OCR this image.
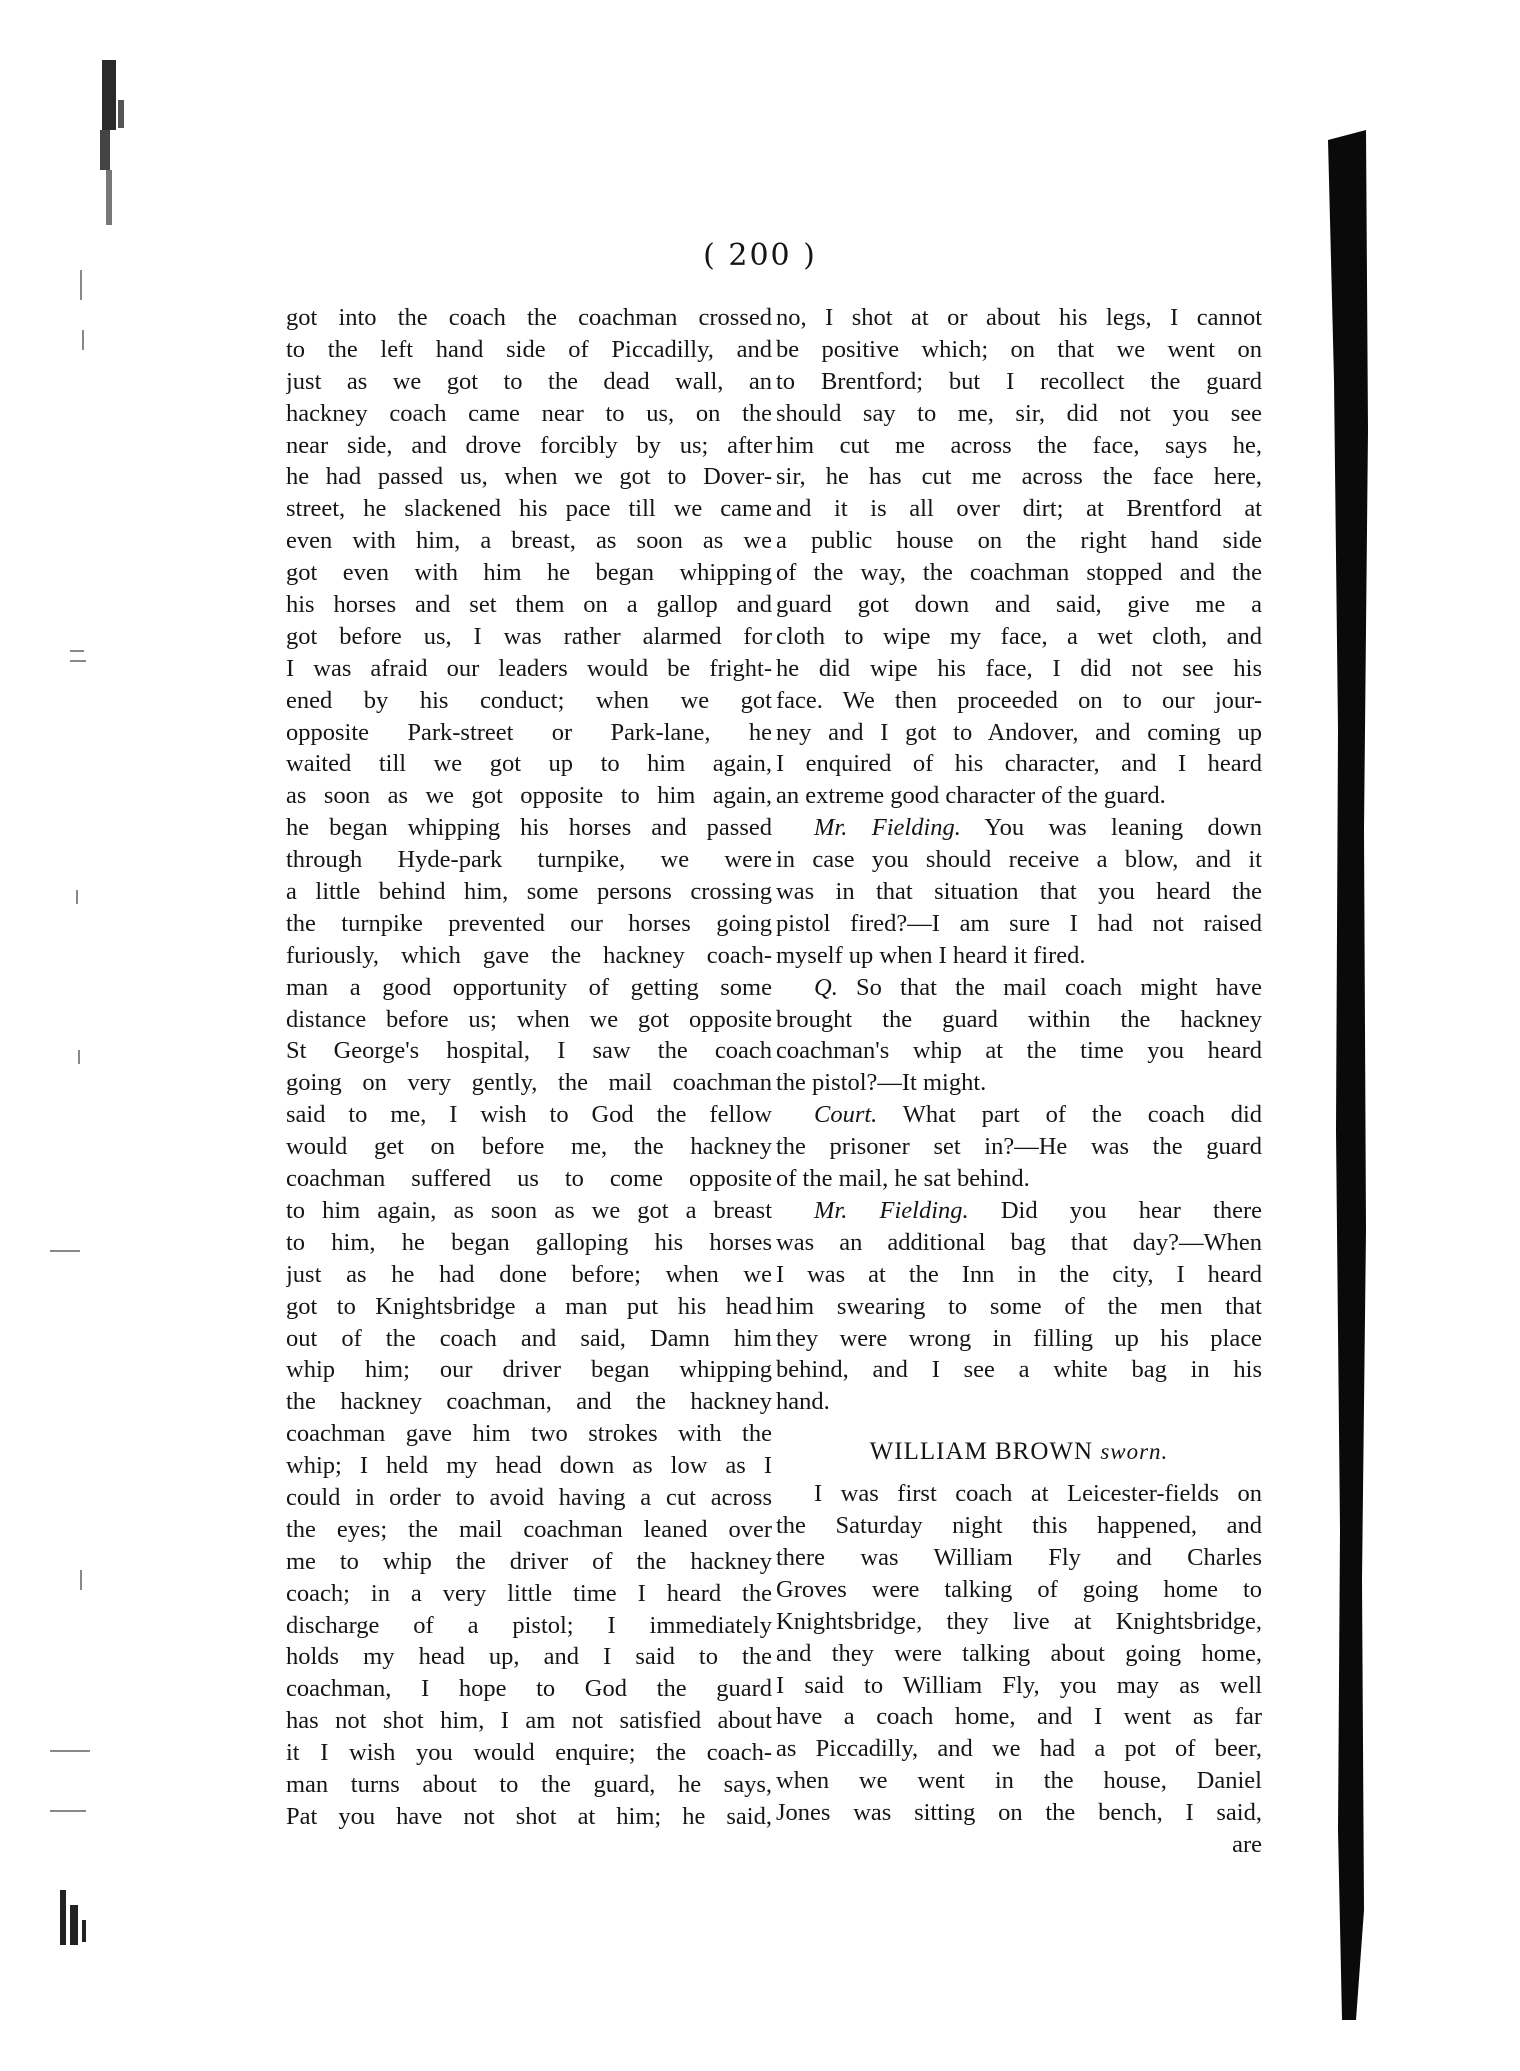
( 200 )
got into the coach the coachman crossed
to the left hand side of Piccadilly, and
just as we got to the dead wall, an
hackney coach came near to us, on the
near side, and drove forcibly by us; after
he had passed us, when we got to Dover-
street, he slackened his pace till we came
even with him, a breast, as soon as we
got even with him he began whipping
his horses and set them on a gallop and
got before us, I was rather alarmed for
I was afraid our leaders would be fright-
ened by his conduct; when we got
opposite Park-street or Park-lane, he
waited till we got up to him again,
as soon as we got opposite to him again,
he began whipping his horses and passed
through Hyde-park turnpike, we were
a little behind him, some persons crossing
the turnpike prevented our horses going
furiously, which gave the hackney coach-
man a good opportunity of getting some
distance before us; when we got opposite
St George's hospital, I saw the coach
going on very gently, the mail coachman
said to me, I wish to God the fellow
would get on before me, the hackney
coachman suffered us to come opposite
to him again, as soon as we got a breast
to him, he began galloping his horses
just as he had done before; when we
got to Knightsbridge a man put his head
out of the coach and said, Damn him
whip him; our driver began whipping
the hackney coachman, and the hackney
coachman gave him two strokes with the
whip; I held my head down as low as I
could in order to avoid having a cut across
the eyes; the mail coachman leaned over
me to whip the driver of the hackney
coach; in a very little time I heard the
discharge of a pistol; I immediately
holds my head up, and I said to the
coachman, I hope to God the guard
has not shot him, I am not satisfied about
it I wish you would enquire; the coach-
man turns about to the guard, he says,
Pat you have not shot at him; he said,
no, I shot at or about his legs, I cannot
be positive which; on that we went on
to Brentford; but I recollect the guard
should say to me, sir, did not you see
him cut me across the face, says he,
sir, he has cut me across the face here,
and it is all over dirt; at Brentford at
a public house on the right hand side
of the way, the coachman stopped and the
guard got down and said, give me a
cloth to wipe my face, a wet cloth, and
he did wipe his face, I did not see his
face. We then proceeded on to our jour-
ney and I got to Andover, and coming up
I enquired of his character, and I heard
an extreme good character of the guard.
Mr. Fielding. You was leaning down
in case you should receive a blow, and it
was in that situation that you heard the
pistol fired?—I am sure I had not raised
myself up when I heard it fired.
Q. So that the mail coach might have
brought the guard within the hackney
coachman's whip at the time you heard
the pistol?—It might.
Court. What part of the coach did
the prisoner set in?—He was the guard
of the mail, he sat behind.
Mr. Fielding. Did you hear there
was an additional bag that day?—When
I was at the Inn in the city, I heard
him swearing to some of the men that
they were wrong in filling up his place
behind, and I see a white bag in his
hand.
WILLIAM BROWN sworn.
I was first coach at Leicester-fields on
the Saturday night this happened, and
there was William Fly and Charles
Groves were talking of going home to
Knightsbridge, they live at Knightsbridge,
and they were talking about going home,
I said to William Fly, you may as well
have a coach home, and I went as far
as Piccadilly, and we had a pot of beer,
when we went in the house, Daniel
Jones was sitting on the bench, I said,
are
